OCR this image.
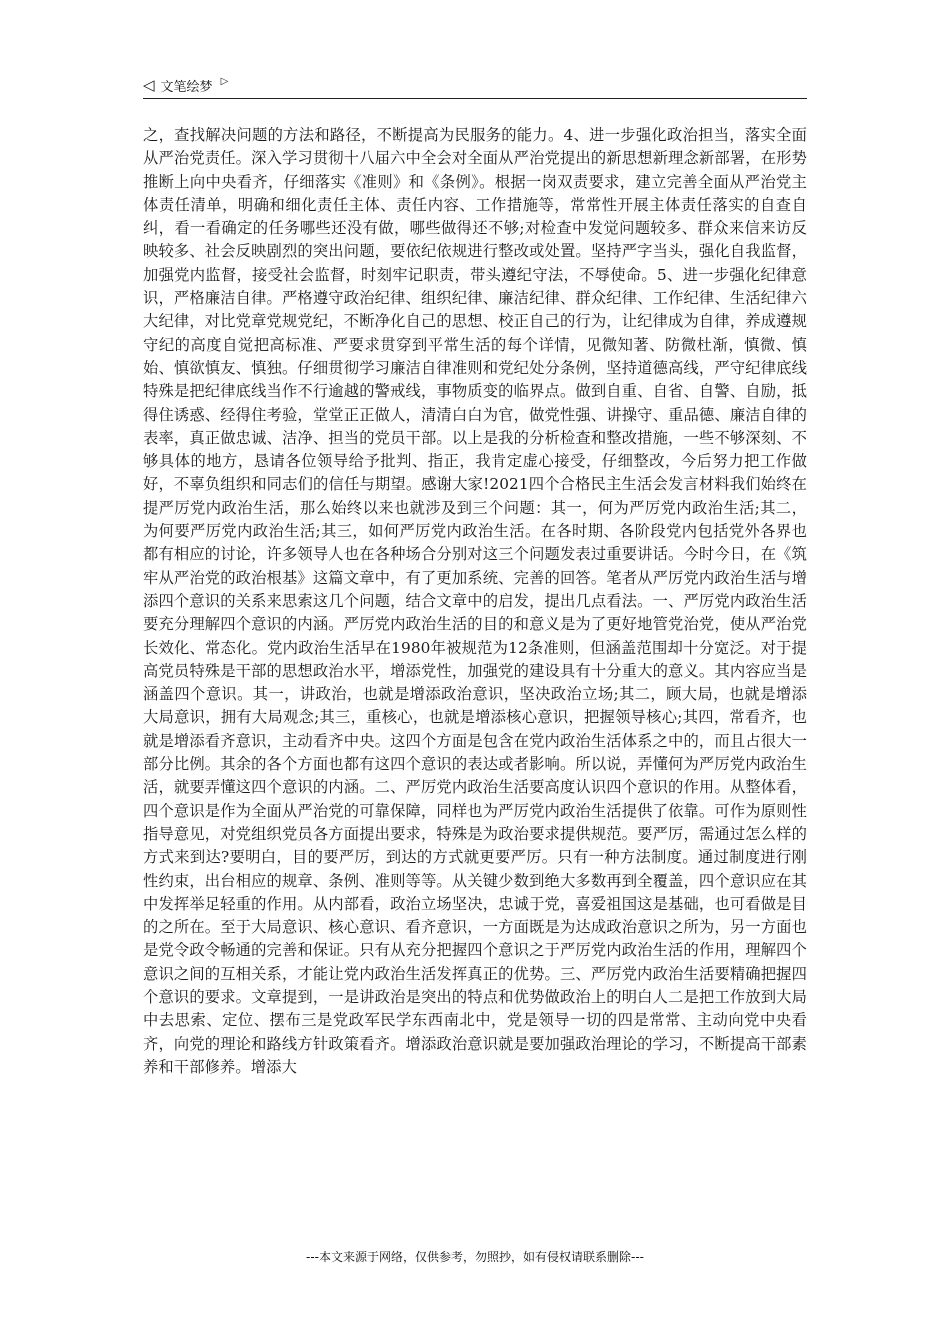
◁ 文笔绘梦 ▷

之，查找解决问题的方法和路径，不断提高为民服务的能力。4、进一步强化政治担当，落实全面从严治党责任。深入学习贯彻十八届六中全会对全面从严治党提出的新思想新理念新部署，在形势推断上向中央看齐，仔细落实《准则》和《条例》。根据一岗双责要求，建立完善全面从严治党主体责任清单，明确和细化责任主体、责任内容、工作措施等，常常性开展主体责任落实的自查自纠，看一看确定的任务哪些还没有做，哪些做得还不够;对检查中发觉问题较多、群众来信来访反映较多、社会反映剧烈的突出问题，要依纪依规进行整改或处置。坚持严字当头，强化自我监督，加强党内监督，接受社会监督，时刻牢记职责，带头遵纪守法，不辱使命。5、进一步强化纪律意识，严格廉洁自律。严格遵守政治纪律、组织纪律、廉洁纪律、群众纪律、工作纪律、生活纪律六大纪律，对比党章党规党纪，不断净化自己的思想、校正自己的行为，让纪律成为自律，养成遵规守纪的高度自觉把高标准、严要求贯穿到平常生活的每个详情，见微知著、防微杜渐，慎微、慎始、慎欲慎友、慎独。仔细贯彻学习廉洁自律准则和党纪处分条例，坚持道德高线，严守纪律底线特殊是把纪律底线当作不行逾越的警戒线，事物质变的临界点。做到自重、自省、自警、自励，抵得住诱惑、经得住考验，堂堂正正做人，清清白白为官，做党性强、讲操守、重品德、廉洁自律的表率，真正做忠诚、洁净、担当的党员干部。以上是我的分析检查和整改措施，一些不够深刻、不够具体的地方，恳请各位领导给予批判、指正，我肯定虚心接受，仔细整改，今后努力把工作做好，不辜负组织和同志们的信任与期望。感谢大家!2021四个合格民主生活会发言材料我们始终在提严厉党内政治生活，那么始终以来也就涉及到三个问题：其一，何为严厉党内政治生活;其二，为何要严厉党内政治生活;其三，如何严厉党内政治生活。在各时期、各阶段党内包括党外各界也都有相应的讨论，许多领导人也在各种场合分别对这三个问题发表过重要讲话。今时今日，在《筑牢从严治党的政治根基》这篇文章中，有了更加系统、完善的回答。笔者从严厉党内政治生活与增添四个意识的关系来思索这几个问题，结合文章中的启发，提出几点看法。一、严厉党内政治生活要充分理解四个意识的内涵。严厉党内政治生活的目的和意义是为了更好地管党治党，使从严治党长效化、常态化。党内政治生活早在1980年被规范为12条准则，但涵盖范围却十分宽泛。对于提高党员特殊是干部的思想政治水平，增添党性，加强党的建设具有十分重大的意义。其内容应当是涵盖四个意识。其一，讲政治，也就是增添政治意识，坚决政治立场;其二，顾大局，也就是增添大局意识，拥有大局观念;其三，重核心，也就是增添核心意识，把握领导核心;其四，常看齐，也就是增添看齐意识，主动看齐中央。这四个方面是包含在党内政治生活体系之中的，而且占很大一部分比例。其余的各个方面也都有这四个意识的表达或者影响。所以说，弄懂何为严厉党内政治生活，就要弄懂这四个意识的内涵。二、严厉党内政治生活要高度认识四个意识的作用。从整体看，四个意识是作为全面从严治党的可靠保障，同样也为严厉党内政治生活提供了依靠。可作为原则性指导意见，对党组织党员各方面提出要求，特殊是为政治要求提供规范。要严厉，需通过怎么样的方式来到达?要明白，目的要严厉，到达的方式就更要严厉。只有一种方法制度。通过制度进行刚性约束，出台相应的规章、条例、准则等等。从关键少数到绝大多数再到全覆盖，四个意识应在其中发挥举足轻重的作用。从内部看，政治立场坚决，忠诚于党，喜爱祖国这是基础，也可看做是目的之所在。至于大局意识、核心意识、看齐意识，一方面既是为达成政治意识之所为，另一方面也是党令政令畅通的完善和保证。只有从充分把握四个意识之于严厉党内政治生活的作用，理解四个意识之间的互相关系，才能让党内政治生活发挥真正的优势。三、严厉党内政治生活要精确把握四个意识的要求。文章提到，一是讲政治是突出的特点和优势做政治上的明白人二是把工作放到大局中去思索、定位、摆布三是党政军民学东西南北中，党是领导一切的四是常常、主动向党中央看齐，向党的理论和路线方针政策看齐。增添政治意识就是要加强政治理论的学习，不断提高干部素养和干部修养。增添大

---本文来源于网络，仅供参考，勿照抄，如有侵权请联系删除---
